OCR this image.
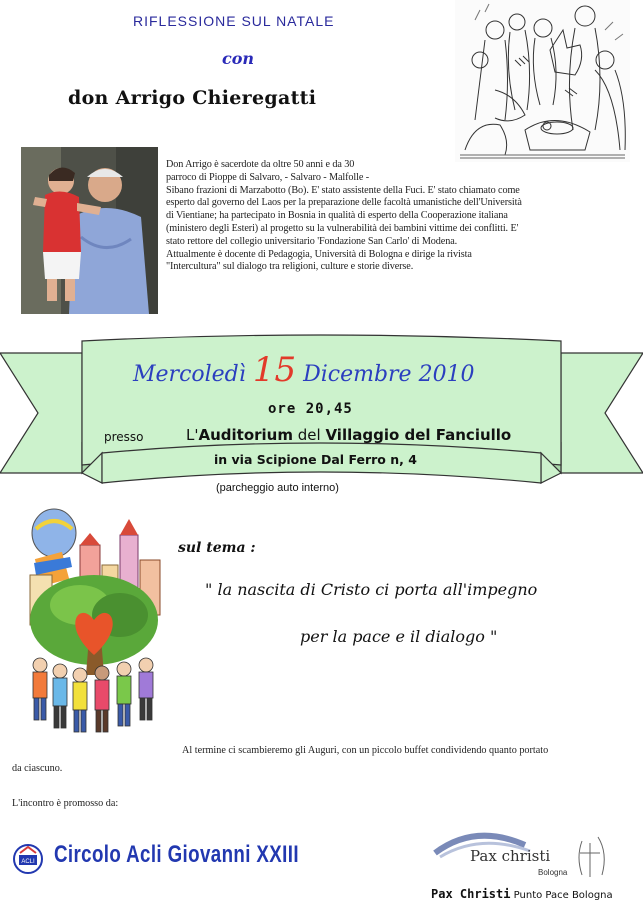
RIFLESSIONE SUL NATALE
con
don Arrigo Chieregatti
Don Arrigo è sacerdote da oltre 50 anni e da 30
parroco di Pioppe di Salvaro, - Salvaro - Malfolle -
Sibano frazioni di Marzabotto (Bo). E' stato assistente della Fuci. E' stato chiamato come
esperto dal governo del Laos per la preparazione delle facoltà umanistiche dell'Università
di Vientiane; ha partecipato in Bosnia in qualità di esperto della Cooperazione italiana
(ministero degli Esteri) al progetto su la vulnerabilità dei bambini vittime dei conflitti. E'
stato rettore del collegio universitario 'Fondazione San Carlo' di Modena.
Attualmente è docente di Pedagogia, Università di Bologna e dirige la rivista
"Intercultura" sul dialogo tra religioni, culture e storie diverse.
Mercoledì 15 Dicembre 2010
ore 20,45
presso	L'Auditorium del Villaggio del Fanciullo
in via Scipione Dal Ferro n, 4
(parcheggio auto interno)
sul tema :
" la nascita di Cristo ci porta all'impegno
per la pace e il dialogo "
Al termine ci scambieremo gli Auguri, con un piccolo buffet condividendo quanto portato
da ciascuno.
L'incontro è promosso da:
ACLI Circolo Acli Giovanni XXIII	Pax christi
Bologna
Pax Christi Punto Pace Bologna
